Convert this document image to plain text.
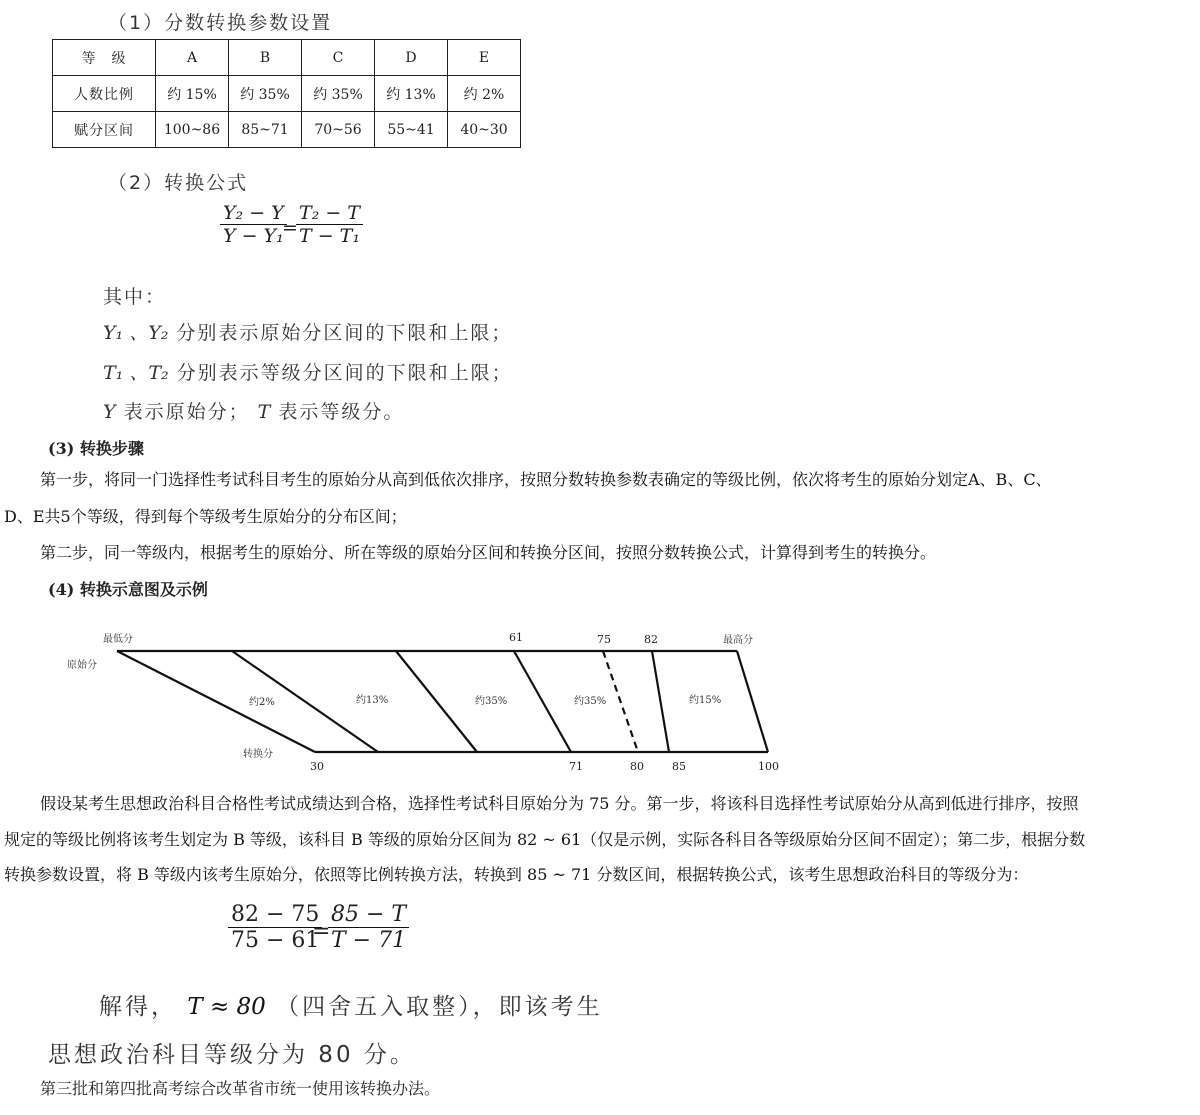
（1）分数转换参数设置
等　级	A	B	C	D	E
人数比例	约 15%	约 35%	约 35%	约 13%	约 2%
赋分区间	100~86	85~71	70~56	55~41	40~30
（2）转换公式
$\frac{\text{Y₂ − Y}}{\text{Y − Y₁}}$
=
$\frac{\text{T₂ − T}}{\text{T − T₁}}$
其中：
Y₁ 、Y₂ 分别表示原始分区间的下限和上限；
T₁ 、T₂ 分别表示等级分区间的下限和上限；
Y 表示原始分； T 表示等级分。
(3) 转换步骤
第一步，将同一门选择性考试科目考生的原始分从高到低依次排序，按照分数转换参数表确定的等级比例，依次将考生的原始分划定A、B、C、
D、E共5个等级，得到每个等级考生原始分的分布区间；
第二步，同一等级内，根据考生的原始分、所在等级的原始分区间和转换分区间，按照分数转换公式，计算得到考生的转换分。
(4) 转换示意图及示例
最低分	最高分
原始分
转换分
61	75	82
30	71	80	85	100
约2%	约13%	约35%	约35%	约15%
假设某考生思想政治科目合格性考试成绩达到合格，选择性考试科目原始分为 75 分。第一步，将该科目选择性考试原始分从高到低进行排序，按照
规定的等级比例将该考生划定为 B 等级，该科目 B 等级的原始分区间为 82 ~ 61（仅是示例，实际各科目各等级原始分区间不固定）；第二步，根据分数
转换参数设置，将 B 等级内该考生原始分，依照等比例转换方法，转换到 85 ~ 71 分数区间，根据转换公式，该考生思想政治科目的等级分为：
$\frac{82 - 75}{75 - 61}$
=
$\frac{85 - T}{T - 71}$
解得， T ≈ 80 （四舍五入取整），即该考生
思想政治科目等级分为 80 分。
第三批和第四批高考综合改革省市统一使用该转换办法。
